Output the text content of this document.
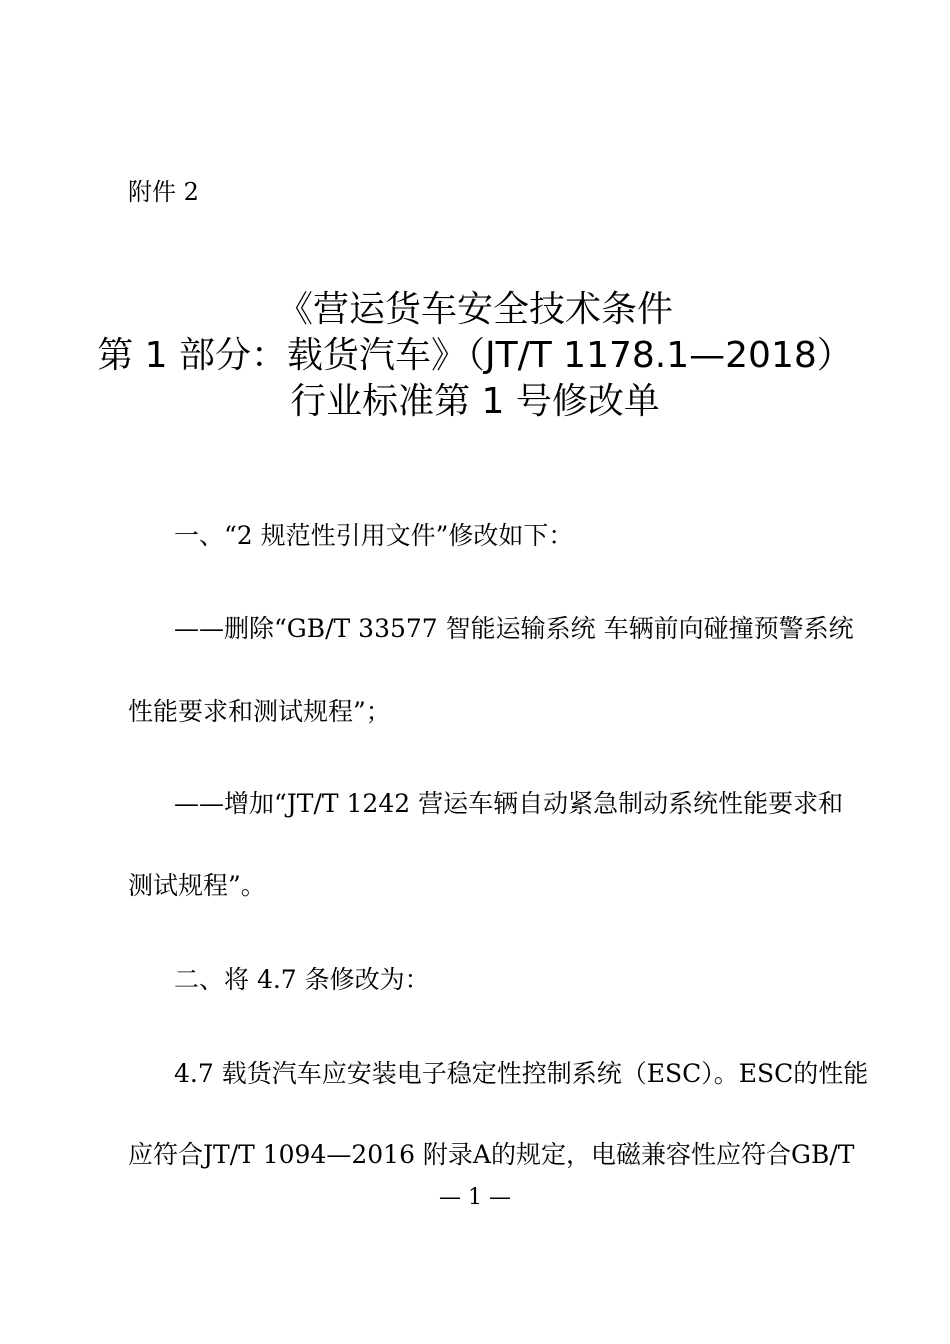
附件 2
《营运货车安全技术条件
第 1 部分：载货汽车》（JT/T 1178.1—2018）
行业标准第 1 号修改单
一、“2 规范性引用文件”修改如下：
——删除“GB/T 33577 智能运输系统 车辆前向碰撞预警系统
性能要求和测试规程”；
——增加“JT/T 1242 营运车辆自动紧急制动系统性能要求和
测试规程”。
二、将 4.7 条修改为：
4.7 载货汽车应安装电子稳定性控制系统（ESC）。ESC的性能
应符合JT/T 1094—2016 附录A的规定，电磁兼容性应符合GB/T
— 1 —
